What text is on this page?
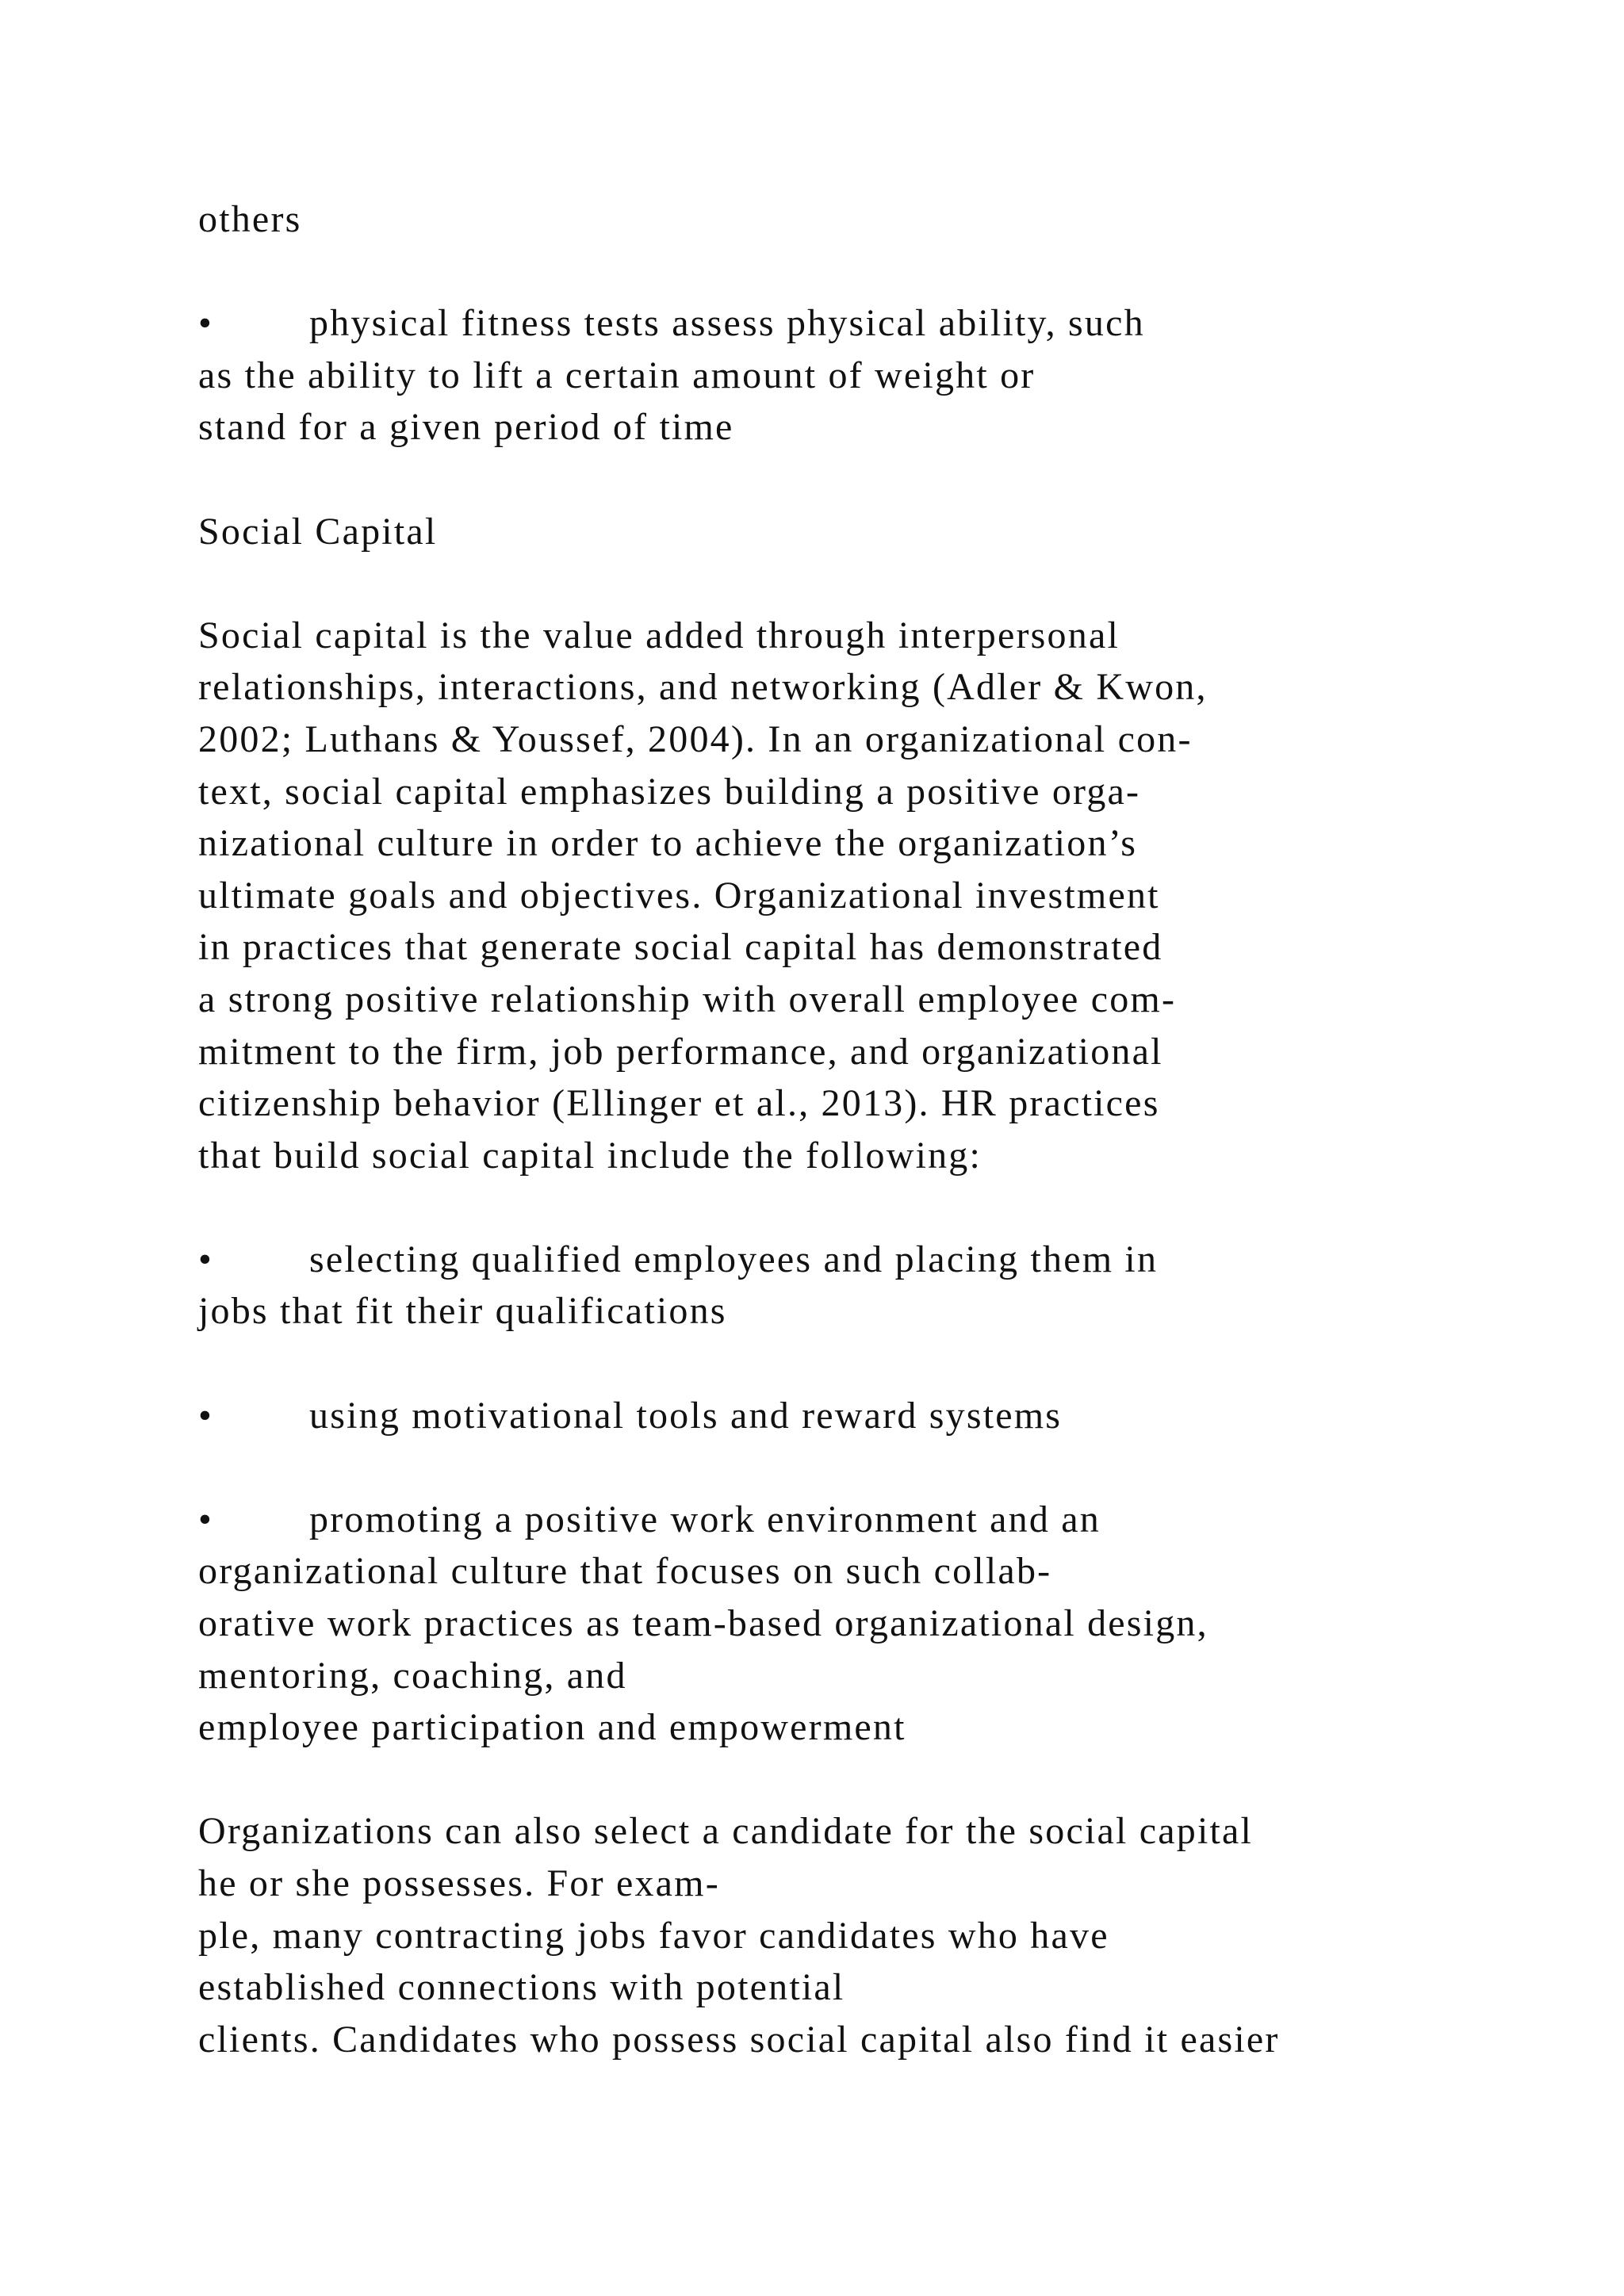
others
•	physical fitness tests assess physical ability, such
as the ability to lift a certain amount of weight or
stand for a given period of time
Social Capital
Social capital is the value added through interpersonal
relationships, interactions, and networking (Adler & Kwon,
2002; Luthans & Youssef, 2004). In an organizational con-
text, social capital emphasizes building a positive orga-
nizational culture in order to achieve the organization’s
ultimate goals and objectives. Organizational investment
in practices that generate social capital has demonstrated
a strong positive relationship with overall employee com-
mitment to the firm, job performance, and organizational
citizenship behavior (Ellinger et al., 2013). HR practices
that build social capital include the following:
•	selecting qualified employees and placing them in
jobs that fit their qualifications
•	using motivational tools and reward systems
•	promoting a positive work environment and an
organizational culture that focuses on such collab-
orative work practices as team-based organizational design,
mentoring, coaching, and
employee participation and empowerment
Organizations can also select a candidate for the social capital
he or she possesses. For exam-
ple, many contracting jobs favor candidates who have
established connections with potential
clients. Candidates who possess social capital also find it easier
